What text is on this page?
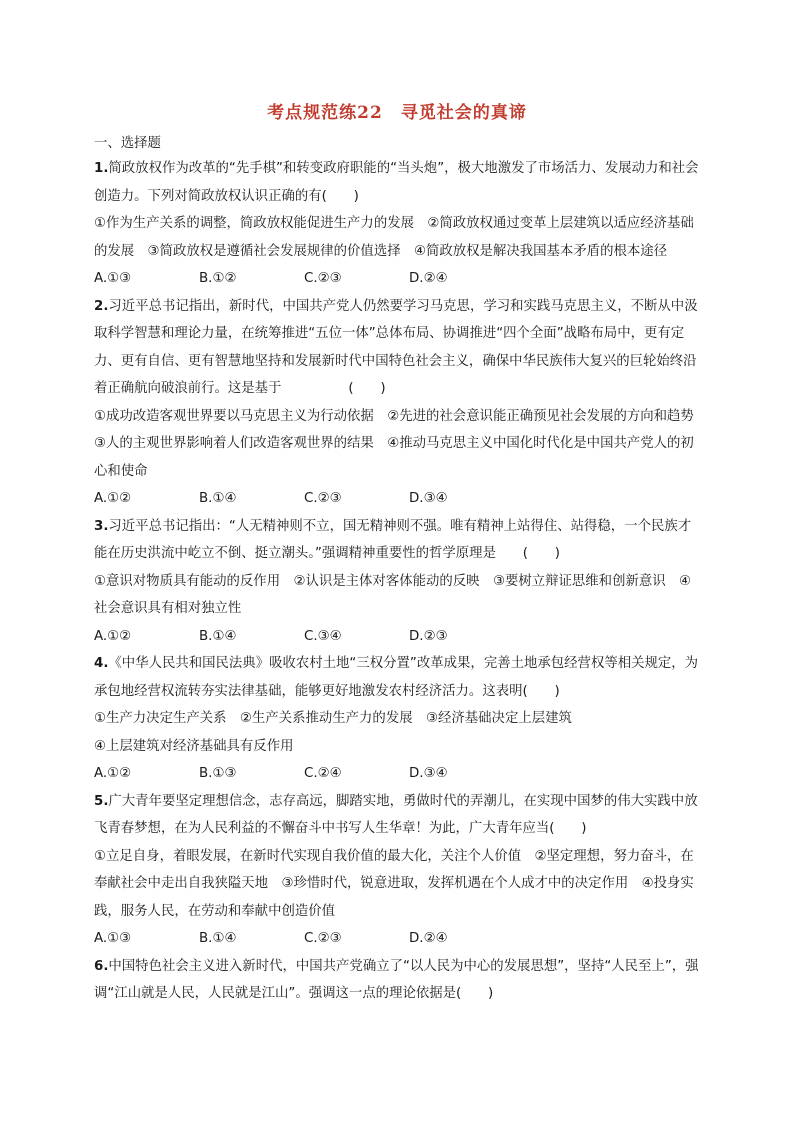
考点规范练22　寻觅社会的真谛
一、选择题

1.简政放权作为改革的“先手棋”和转变政府职能的“当头炮”，极大地激发了市场活力、发展动力和社会创造力。下列对简政放权认识正确的有(　　)

①作为生产关系的调整，简政放权能促进生产力的发展　②简政放权通过变革上层建筑以适应经济基础的发展　③简政放权是遵循社会发展规律的价值选择　④简政放权是解决我国基本矛盾的根本途径

A.①③	B.①②	C.②③	D.②④

2.习近平总书记指出，新时代，中国共产党人仍然要学习马克思，学习和实践马克思主义，不断从中汲取科学智慧和理论力量，在统筹推进“五位一体”总体布局、协调推进“四个全面”战略布局中，更有定力、更有自信、更有智慧地坚持和发展新时代中国特色社会主义，确保中华民族伟大复兴的巨轮始终沿着正确航向破浪前行。这是基于　　　　　(　　)

①成功改造客观世界要以马克思主义为行动依据　②先进的社会意识能正确预见社会发展的方向和趋势　③人的主观世界影响着人们改造客观世界的结果　④推动马克思主义中国化时代化是中国共产党人的初心和使命

A.①②	B.①④	C.②③	D.③④

3.习近平总书记指出：“人无精神则不立，国无精神则不强。唯有精神上站得住、站得稳，一个民族才能在历史洪流中屹立不倒、挺立潮头。”强调精神重要性的哲学原理是　　(　　)

①意识对物质具有能动的反作用　②认识是主体对客体能动的反映　③要树立辩证思维和创新意识　④社会意识具有相对独立性

A.①②	B.①④	C.③④	D.②③

4.《中华人民共和国民法典》吸收农村土地“三权分置”改革成果，完善土地承包经营权等相关规定，为承包地经营权流转夯实法律基础，能够更好地激发农村经济活力。这表明(　　)

①生产力决定生产关系　②生产关系推动生产力的发展　③经济基础决定上层建筑
④上层建筑对经济基础具有反作用

A.①②	B.①③	C.②④	D.③④

5.广大青年要坚定理想信念，志存高远，脚踏实地，勇做时代的弄潮儿，在实现中国梦的伟大实践中放飞青春梦想，在为人民利益的不懈奋斗中书写人生华章！为此，广大青年应当(　　)

①立足自身，着眼发展，在新时代实现自我价值的最大化，关注个人价值　②坚定理想，努力奋斗，在奉献社会中走出自我狭隘天地　③珍惜时代，锐意进取，发挥机遇在个人成才中的决定作用　④投身实践，服务人民，在劳动和奉献中创造价值

A.①③	B.①④	C.②③	D.②④

6.中国特色社会主义进入新时代，中国共产党确立了“以人民为中心的发展思想”，坚持“人民至上”，强调“江山就是人民，人民就是江山”。强调这一点的理论依据是(　　)
